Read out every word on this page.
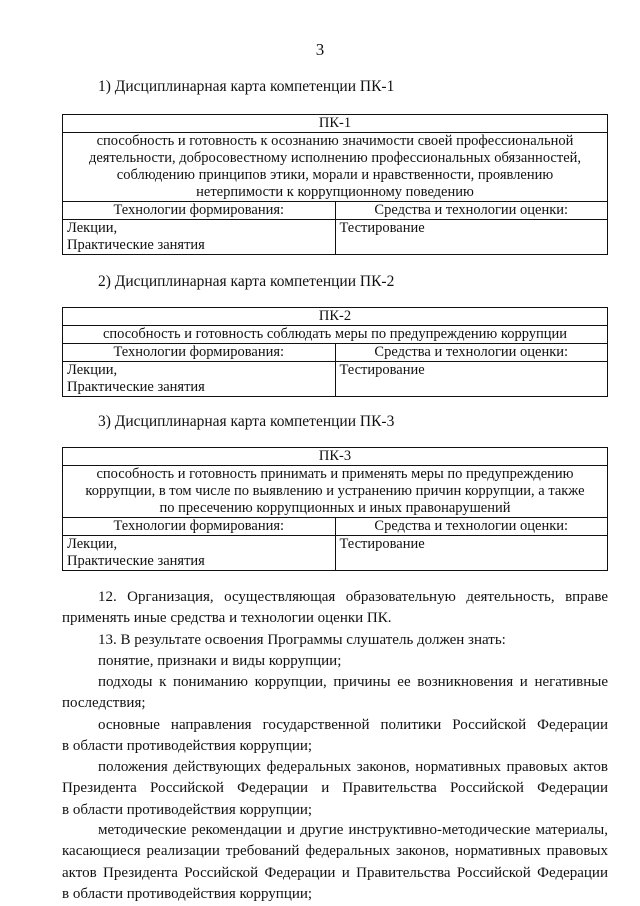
3
1) Дисциплинарная карта компетенции ПК-1
ПК-1	

способность и готовность к осознанию значимости своей профессиональной
деятельности, добросовестному исполнению профессиональных обязанностей,
соблюдению принципов этики, морали и нравственности, проявлению
нетерпимости к коррупционному поведению	

Технологии формирования:	Средства и технологии оценки:

Лекции,
Практические занятия	Тестирование
2) Дисциплинарная карта компетенции ПК-2
ПК-2	

способность и готовность соблюдать меры по предупреждению коррупции	

Технологии формирования:	Средства и технологии оценки:

Лекции,
Практические занятия	Тестирование
3) Дисциплинарная карта компетенции ПК-3
ПК-3	

способность и готовность принимать и применять меры по предупреждению
коррупции, в том числе по выявлению и устранению причин коррупции, а также
по пресечению коррупционных и иных правонарушений	

Технологии формирования:	Средства и технологии оценки:

Лекции,
Практические занятия	Тестирование
12. Организация, осуществляющая образовательную деятельность, вправе
применять иные средства и технологии оценки ПК.
13. В результате освоения Программы слушатель должен знать:
понятие, признаки и виды коррупции;
подходы к пониманию коррупции, причины ее возникновения и негативные
последствия;
основные направления государственной политики Российской Федерации
в области противодействия коррупции;
положения действующих федеральных законов, нормативных правовых актов
Президента Российской Федерации и Правительства Российской Федерации
в области противодействия коррупции;
методические рекомендации и другие инструктивно-методические материалы,
касающиеся реализации требований федеральных законов, нормативных правовых
актов Президента Российской Федерации и Правительства Российской Федерации
в области противодействия коррупции;
